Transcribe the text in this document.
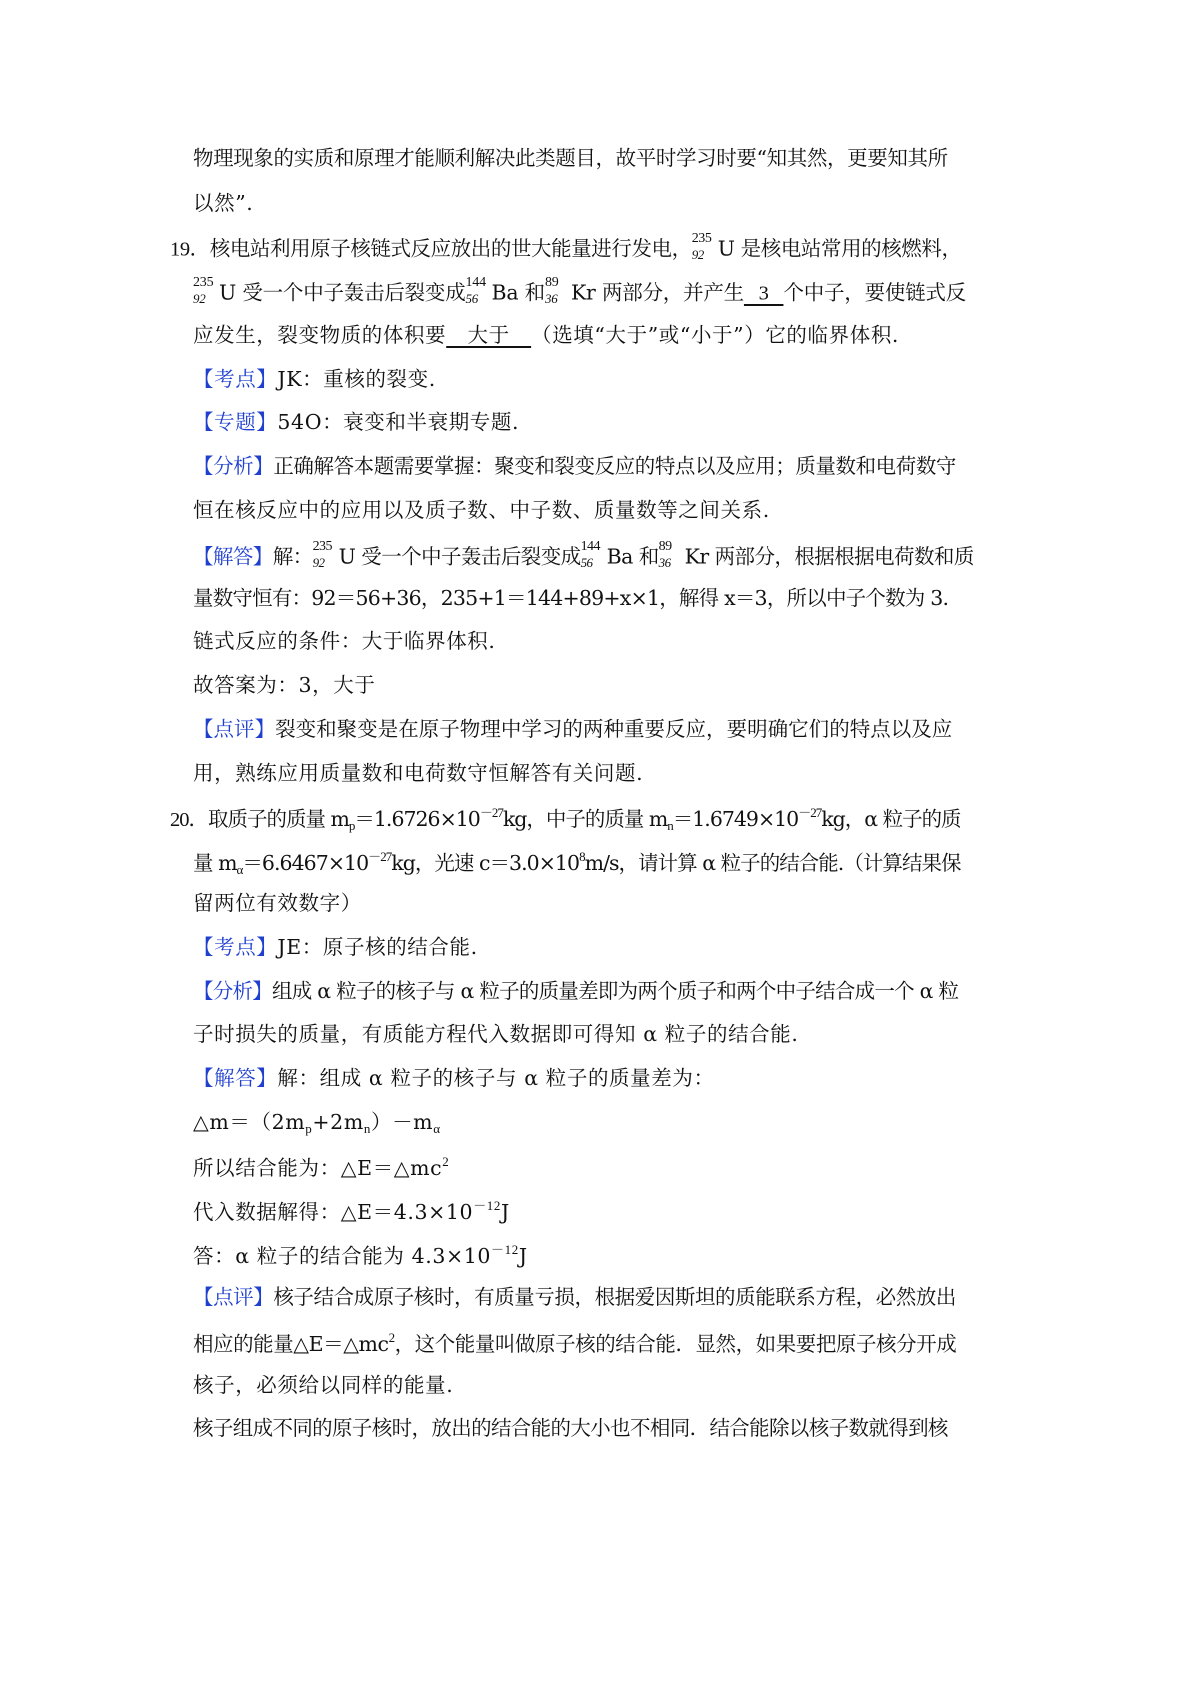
物理现象的实质和原理才能顺利解决此类题目，故平时学习时要“知其然，更要知其所
以然”.
19．核电站利用原子核链式反应放出的世大能量进行发电， 235
92 U 是核电站常用的核燃料，
235
92 U 受一个中子轰击后裂变成 144
56 Ba 和 89
36 Kr 两部分，并产生   3   个中子，要使链式反
应发生，裂变物质的体积要   大于   （选填“大于”或“小于”）它的临界体积.
【考点】JK：重核的裂变.
【专题】54O：衰变和半衰期专题.
【分析】正确解答本题需要掌握：聚变和裂变反应的特点以及应用；质量数和电荷数守
恒在核反应中的应用以及质子数、中子数、质量数等之间关系.
【解答】解： 235
92 U 受一个中子轰击后裂变成 144
56 Ba 和 89
36 Kr 两部分，根据根据电荷数和质
量数守恒有：92＝56+36，235+1＝144+89+x×1，解得 x＝3，所以中子个数为 3.
链式反应的条件：大于临界体积.
故答案为：3，大于
【点评】裂变和聚变是在原子物理中学习的两种重要反应，要明确它们的特点以及应
用，熟练应用质量数和电荷数守恒解答有关问题.
20．取质子的质量 $m_p=1.6726\times 10^{-27}kg$，中子的质量 $m_n=1.6749\times 10^{-27}kg$，α 粒子的质
量 $m_\alpha=6.6467\times 10^{-27}kg$，光速 $c=3.0\times 10^8m/s$，请计算 α 粒子的结合能.（计算结果保
留两位有效数字）
【考点】JE：原子核的结合能.
【分析】组成 α 粒子的核子与 α 粒子的质量差即为两个质子和两个中子结合成一个 α 粒
子时损失的质量，有质能方程代入数据即可得知 α 粒子的结合能.
【解答】解：组成 α 粒子的核子与 α 粒子的质量差为：
$\triangle m=(2m_p+2m_n)-m_\alpha$
所以结合能为：$\triangle E=\triangle mc^2$
代入数据解得：$\triangle E=4.3\times 10^{-12}J$
答：α 粒子的结合能为 $4.3\times 10^{-12}J$
【点评】核子结合成原子核时，有质量亏损，根据爱因斯坦的质能联系方程，必然放出
相应的能量$\triangle E=\triangle mc^2$，这个能量叫做原子核的结合能．显然，如果要把原子核分开成
核子，必须给以同样的能量.
核子组成不同的原子核时，放出的结合能的大小也不相同．结合能除以核子数就得到核
